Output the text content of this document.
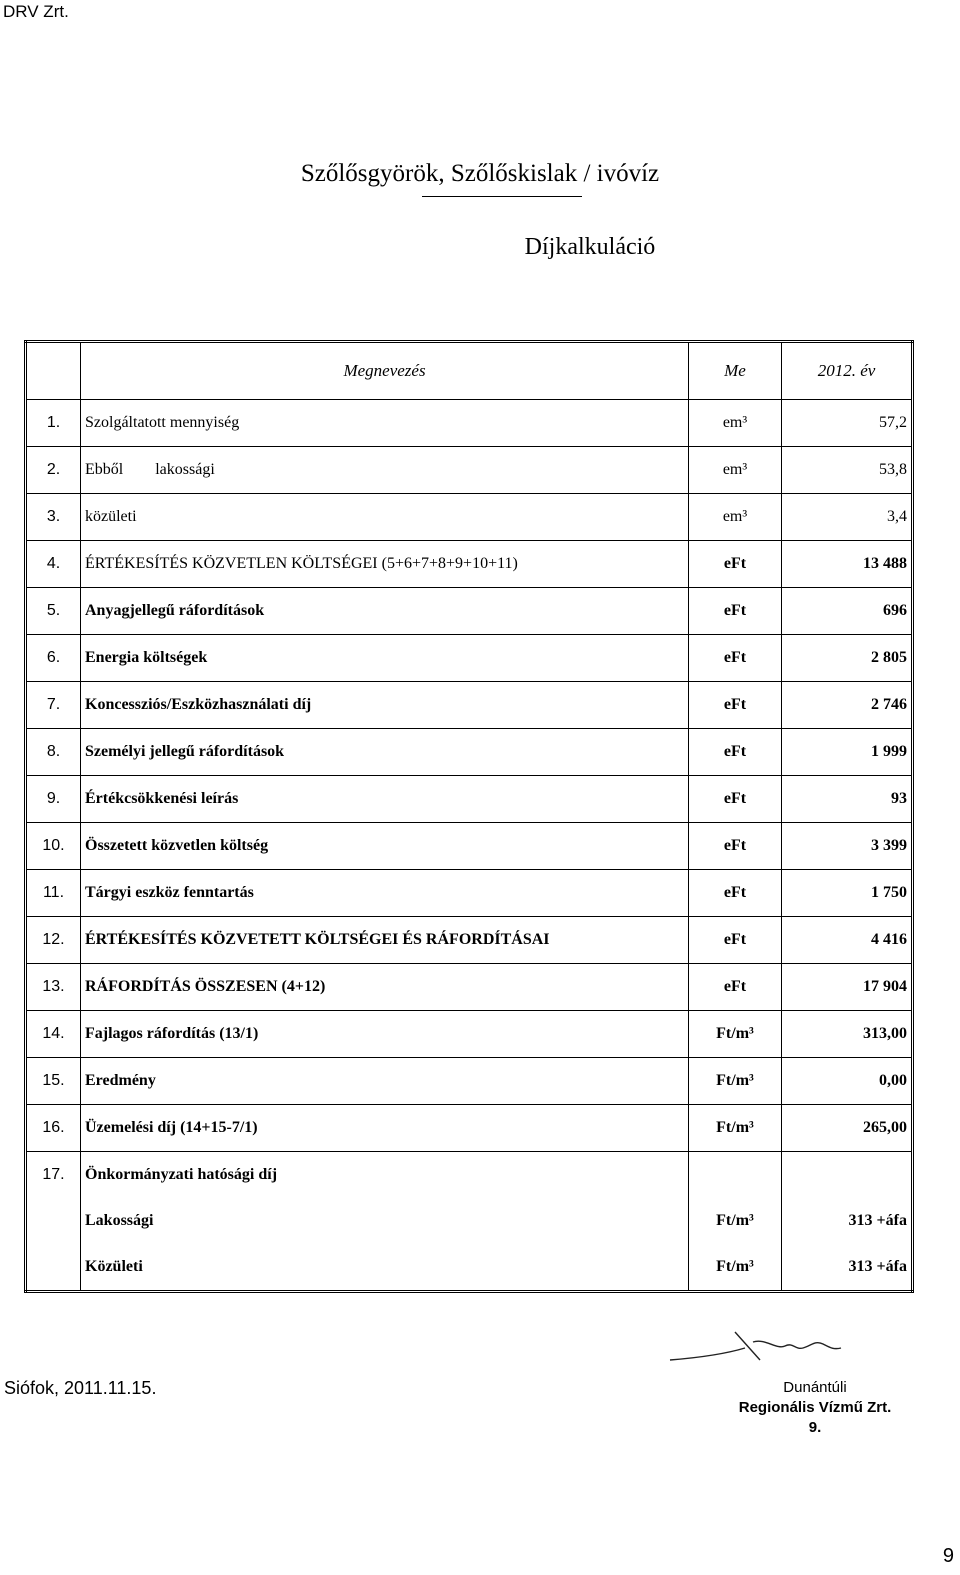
DRV Zrt.
Szőlősgyörök, Szőlőskislak / ivóvíz
Díjkalkuláció
	Megnevezés	Me	2012. év
1.	Szolgáltatott mennyiség	em³	57,2
2.	Ebből        lakossági	em³	53,8
3.	közületi	em³	3,4
4.	ÉRTÉKESÍTÉS KÖZVETLEN KÖLTSÉGEI (5+6+7+8+9+10+11)	eFt	13 488
5.	Anyagjellegű ráfordítások	eFt	696
6.	Energia költségek	eFt	2 805
7.	Koncessziós/Eszközhasználati díj	eFt	2 746
8.	Személyi jellegű ráfordítások	eFt	1 999
9.	Értékcsökkenési leírás	eFt	93
10.	Összetett közvetlen költség	eFt	3 399
11.	Tárgyi eszköz fenntartás	eFt	1 750
12.	ÉRTÉKESÍTÉS KÖZVETETT KÖLTSÉGEI ÉS RÁFORDÍTÁSAI	eFt	4 416
13.	RÁFORDÍTÁS ÖSSZESEN (4+12)	eFt	17 904
14.	Fajlagos ráfordítás (13/1)	Ft/m³	313,00
15.	Eredmény	Ft/m³	0,00
16.	Üzemelési díj (14+15-7/1)	Ft/m³	265,00
17.	Önkormányzati hatósági díj		
	Lakossági	Ft/m³	313 +áfa
	Közületi	Ft/m³	313 +áfa
Siófok, 2011.11.15.	Dunántúli
Regionális Vízmű Zrt.
9.
9
